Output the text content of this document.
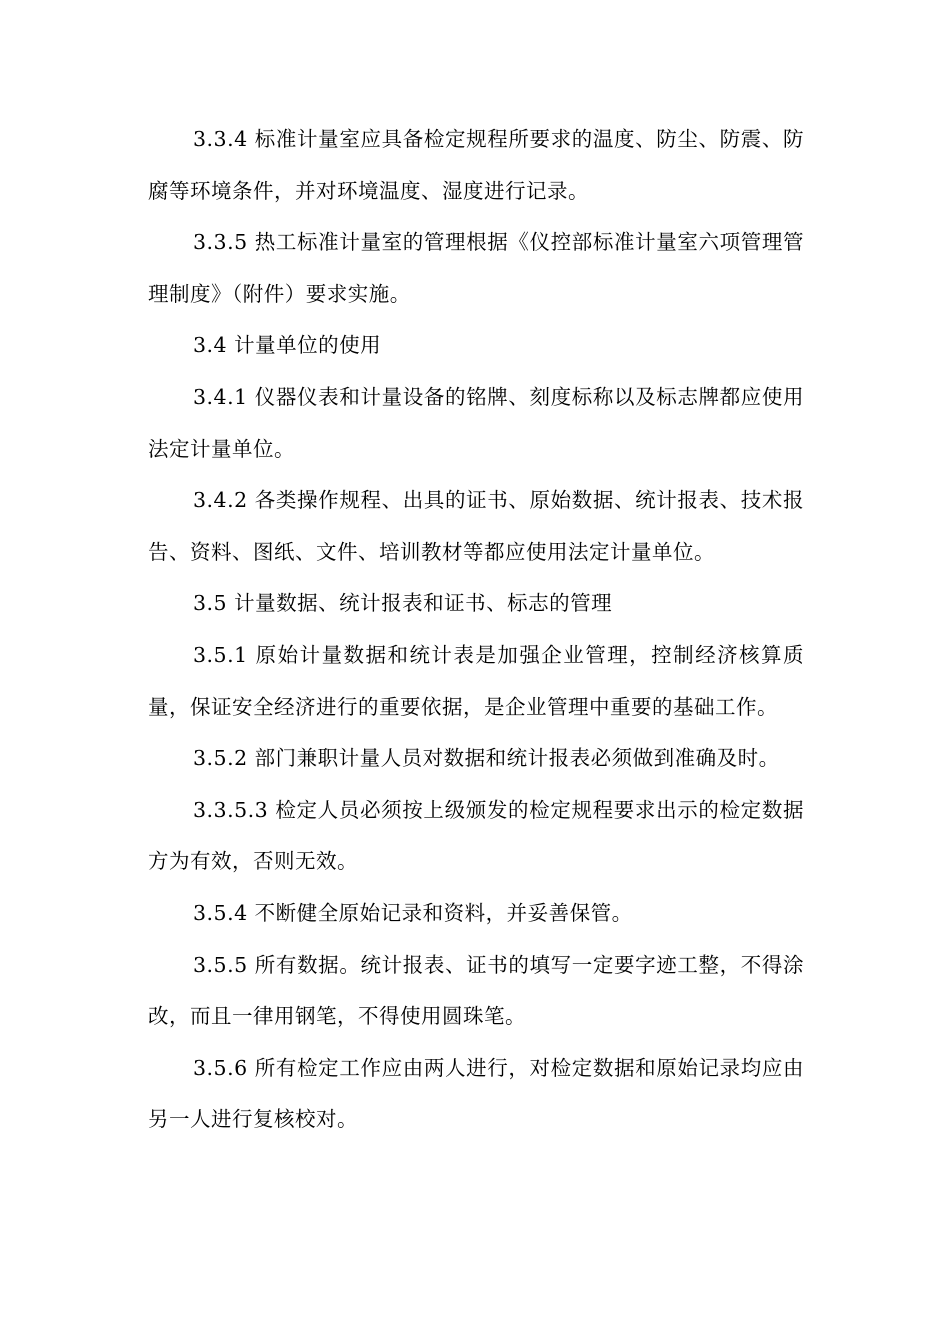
3.3.4 标准计量室应具备检定规程所要求的温度、防尘、防震、防腐等环境条件，并对环境温度、湿度进行记录。

3.3.5 热工标准计量室的管理根据《仪控部标准计量室六项管理管理制度》（附件）要求实施。

3.4 计量单位的使用

3.4.1 仪器仪表和计量设备的铭牌、刻度标称以及标志牌都应使用法定计量单位。

3.4.2 各类操作规程、出具的证书、原始数据、统计报表、技术报告、资料、图纸、文件、培训教材等都应使用法定计量单位。

3.5 计量数据、统计报表和证书、标志的管理

3.5.1 原始计量数据和统计表是加强企业管理，控制经济核算质量，保证安全经济进行的重要依据，是企业管理中重要的基础工作。

3.5.2 部门兼职计量人员对数据和统计报表必须做到准确及时。

3.3.5.3 检定人员必须按上级颁发的检定规程要求出示的检定数据方为有效，否则无效。

3.5.4 不断健全原始记录和资料，并妥善保管。

3.5.5 所有数据。统计报表、证书的填写一定要字迹工整，不得涂改，而且一律用钢笔，不得使用圆珠笔。

3.5.6 所有检定工作应由两人进行，对检定数据和原始记录均应由另一人进行复核校对。
